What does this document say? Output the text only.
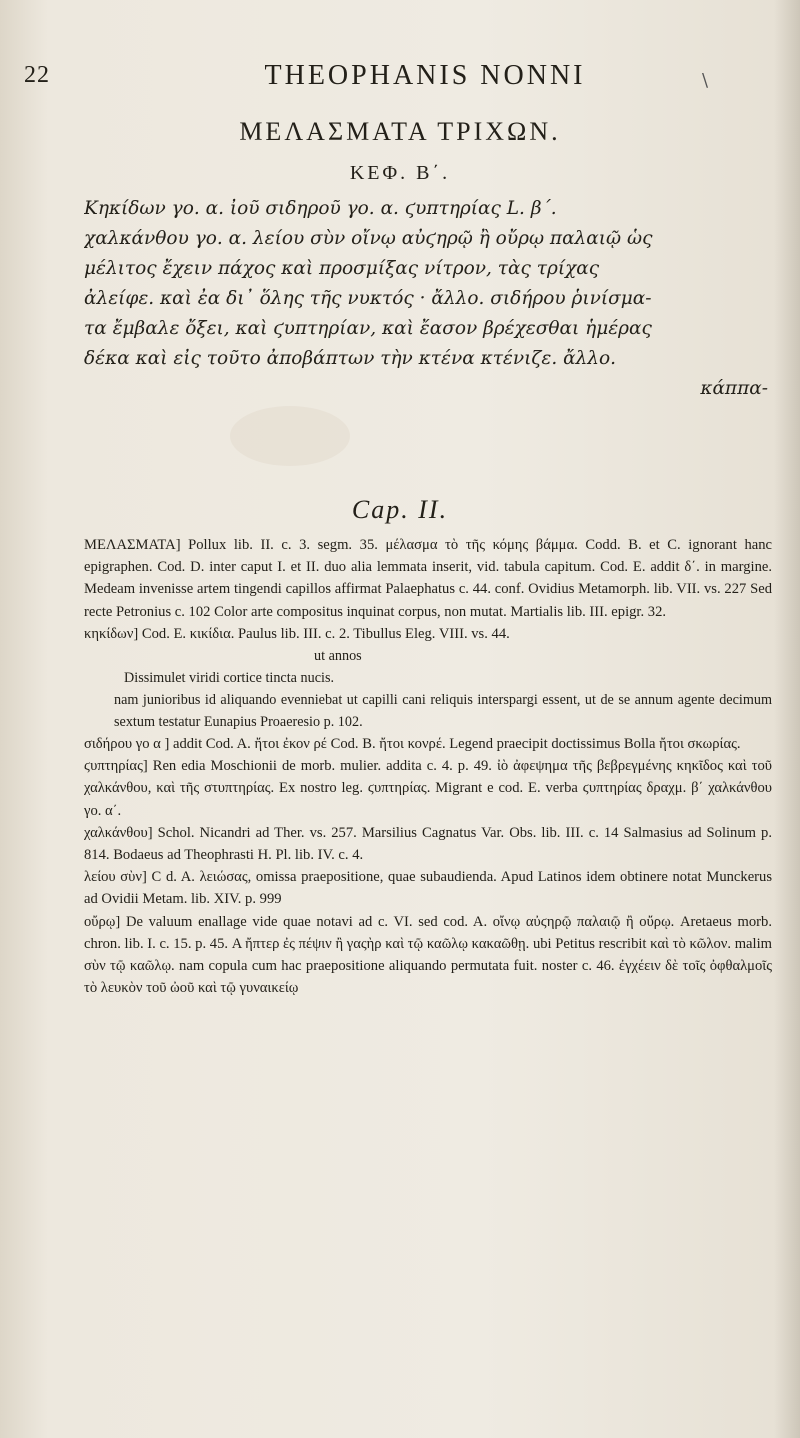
22	THEOPHANIS NONNI	\
ΜΕΛΑΣΜΑΤΑ ΤΡΙΧΩΝ.
ΚΕΦ. Β΄.
Κηκίδων γο. α. ἰοῦ σιδηροῦ γο. α. ϛυπτηρίας L. β΄.
χαλκάνθου γο. α. λείου σὺν οἴνῳ αὐϛηρῷ ἢ οὔρῳ παλαιῷ ὡς
μέλιτος ἔχειν πάχος καὶ προσμίξας νίτρον, τὰς τρίχας
ἀλείφε. καὶ ἐα δι᾽ ὅλης τῆς νυκτός · ἄλλο. σιδήρου ῥινίσμα-
τα ἔμβαλε ὄξει, καὶ ϛυπτηρίαν, καὶ ἔασον βρέχεσθαι ἡμέρας
δέκα καὶ εἰς τοῦτο ἀποβάπτων τὴν κτένα κτένιζε. ἄλλο.
κάππα-
Cap. II.

ΜΕΛΑΣΜΑΤΑ] Pollux lib. II. c. 3. segm. 35. μέλασμα τὸ τῆς κόμης βάμμα. Codd. B. et C. ignorant hanc epigraphen. Cod. D. inter caput I. et II. duo alia lemmata inserit, vid. tabula capitum. Cod. E. addit δ΄. in margine. Medeam invenisse artem tingendi capillos affirmat Palaephatus c. 44. conf. Ovidius Metamorph. lib. VII. vs. 227 Sed recte Petronius c. 102 Color arte compositus inquinat corpus, non mutat. Martialis lib. III. epigr. 32.

κηκίδων] Cod. E. κικίδια. Paulus lib. III. c. 2. Tibullus Eleg. VIII. vs. 44.

ut annos
Dissimulet viridi cortice tincta nucis.
nam junioribus id aliquando evenniebat ut capilli cani reliquis interspargi essent, ut de se annum agente decimum sextum testatur Eunapius Proaeresio p. 102.

σιδήρου γο α ] addit Cod. A. ἤτοι ἐκον ρέ Cod. B. ἤτοι κονρέ. Legend praecipit doctissimus Bolla ἤτοι σκωρίας.

ϛυπτηρίας] Ren edia Moschionii de morb. mulier. addita c. 4. p. 49. ἰὸ ἀφεψημα τῆς βεβρεγμένης κηκῖδος καὶ τοῦ χαλκάνθου, καὶ τῆς στυπτηρίας. Ex nostro leg. ϛυπτηρίας. Migrant e cod. E. verba ϛυπτηρίας δραχμ. β΄ χαλκάνθου γο. α΄.

χαλκάνθου] Schol. Nicandri ad Ther. vs. 257. Marsilius Cagnatus Var. Obs. lib. III. c. 14 Salmasius ad Solinum p. 814. Bodaeus ad Theophrasti H. Pl. lib. IV. c. 4.

λείου σὺν] C d. A. λειώσας, omissa praepositione, quae subaudienda. Apud Latinos idem obtinere notat Munckerus ad Ovidii Metam. lib. XIV. p. 999

οὔρῳ] De valuum enallage vide quae notavi ad c. VI. sed cod. A. οἴνῳ αὐϛηρῷ παλαιῷ ἢ οὔρῳ. Aretaeus morb. chron. lib. I. c. 15. p. 45. Α ἤπτερ ἐς πέψιν ἢ γαςὴρ καὶ τῷ καῶλῳ κακαῶθῃ. ubi Petitus rescribit καὶ τὸ κῶλον. malim σὺν τῷ καῶλῳ. nam copula cum hac praepositione aliquando permutata fuit. noster c. 46. ἐγχέειν δὲ τοῖς ὀφθαλμοῖς τὸ λευκὸν τοῦ ὠοῦ καὶ τῷ γυναικείῳ
